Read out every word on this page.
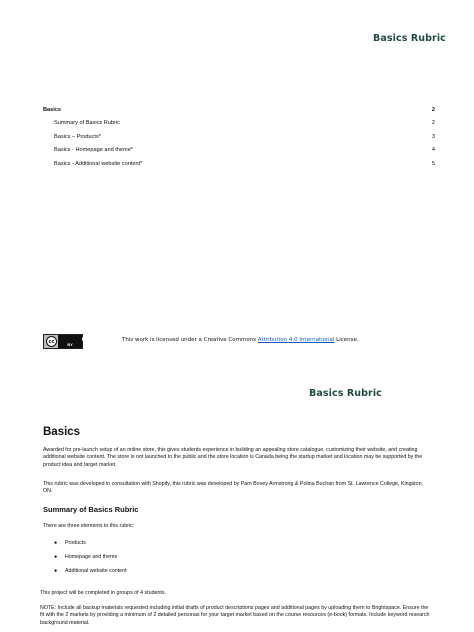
Basics Rubric
Basics	2
Summary of Basics Rubric	2
Basics – Products*	3
Basics - Homepage and theme*	4
Basics - Additional website content*	5
cc	BY
This work is licensed under a Creative Commons Attribution 4.0 International License.
Basics Rubric
Basics
Awarded for pre-launch setup of an online store, this gives students experience in building an appealing store catalogue, customizing their website, and creating additional website content. The store is not launched to the public and the store location is Canada being the startup market and location may be supported by the product idea and target market.
This rubric was developed in consultation with Shopify, this rubric was developed by Pam Bovey Armstrong & Polina Buchan from St. Lawrence College, Kingston, ON.
Summary of Basics Rubric
There are three elements to this rubric:
● Products
● Homepage and theme
● Additional website content
This project will be completed in groups of 4 students.
NOTE: Include all backup materials requested including initial drafts of product descriptions pages and additional pages by uploading them to Brightspace. Ensure the fit with the 2 markets by providing a minimum of 2 detailed personas for your target market based on the course resources (e-book) formats. Include keyword research background material.
